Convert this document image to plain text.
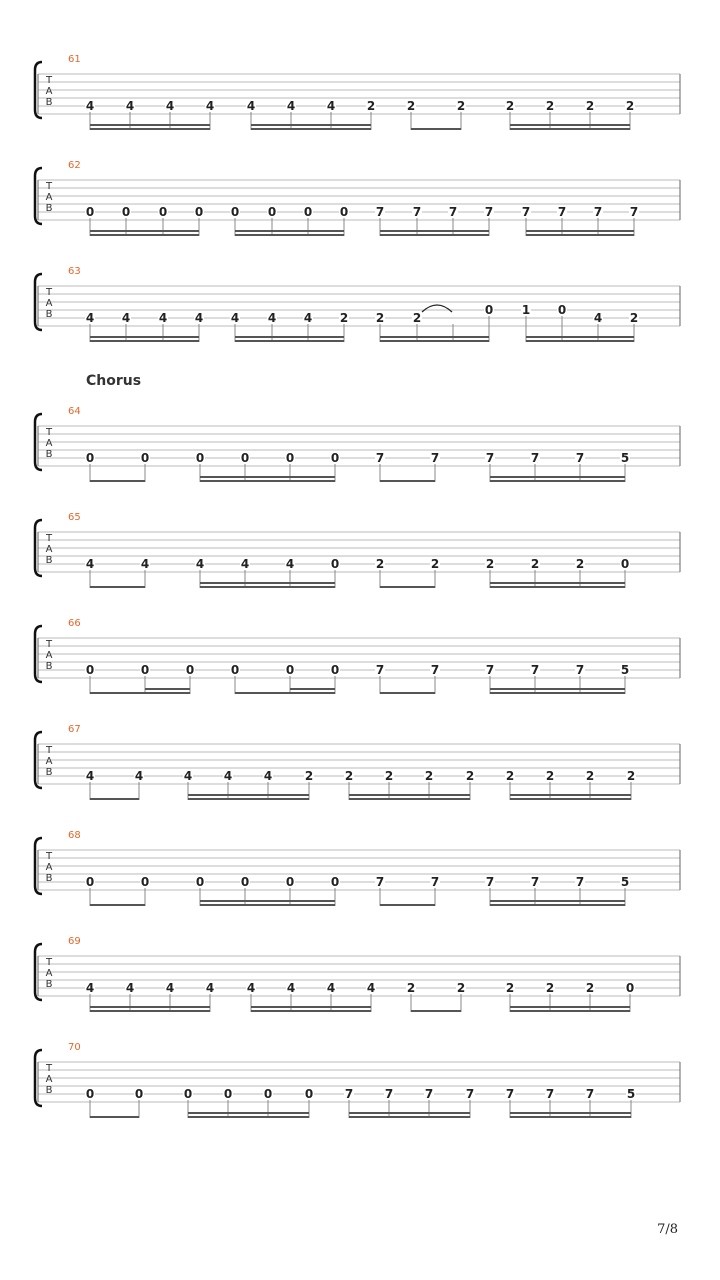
Chorus
61
T
A
B	4	4	4	4	4	4	4	2	2	2	2	2	2	2
62
T
A
B	0 0 0 0 0 0 0 0 7 7 7 7 7 7 7 7
63
T
A
B	4 4 4 4 4 4 4 2 2 2
0 1 0
4 2
64
T
A
B	0	0	0	0	0	0	7	7	7	7	7	5
65
T
A
B	4	4	4	4	4	0	2	2	2	2	2	0
66
T
A
B	0	0	0	0	0	0	7	7	7	7	7	5
67
T
A
B	4	4	4	4	4	2	2	2	2	2	2	2	2	2
68
T
A
B	0	0	0	0	0	0	7	7	7	7	7	5
69
T
A
B	4	4	4	4	4	4	4	4	2	2	2	2	2	0
70
T
A
B	0	0	0	0	0	0	7	7	7	7	7	7	7	5
7/8
